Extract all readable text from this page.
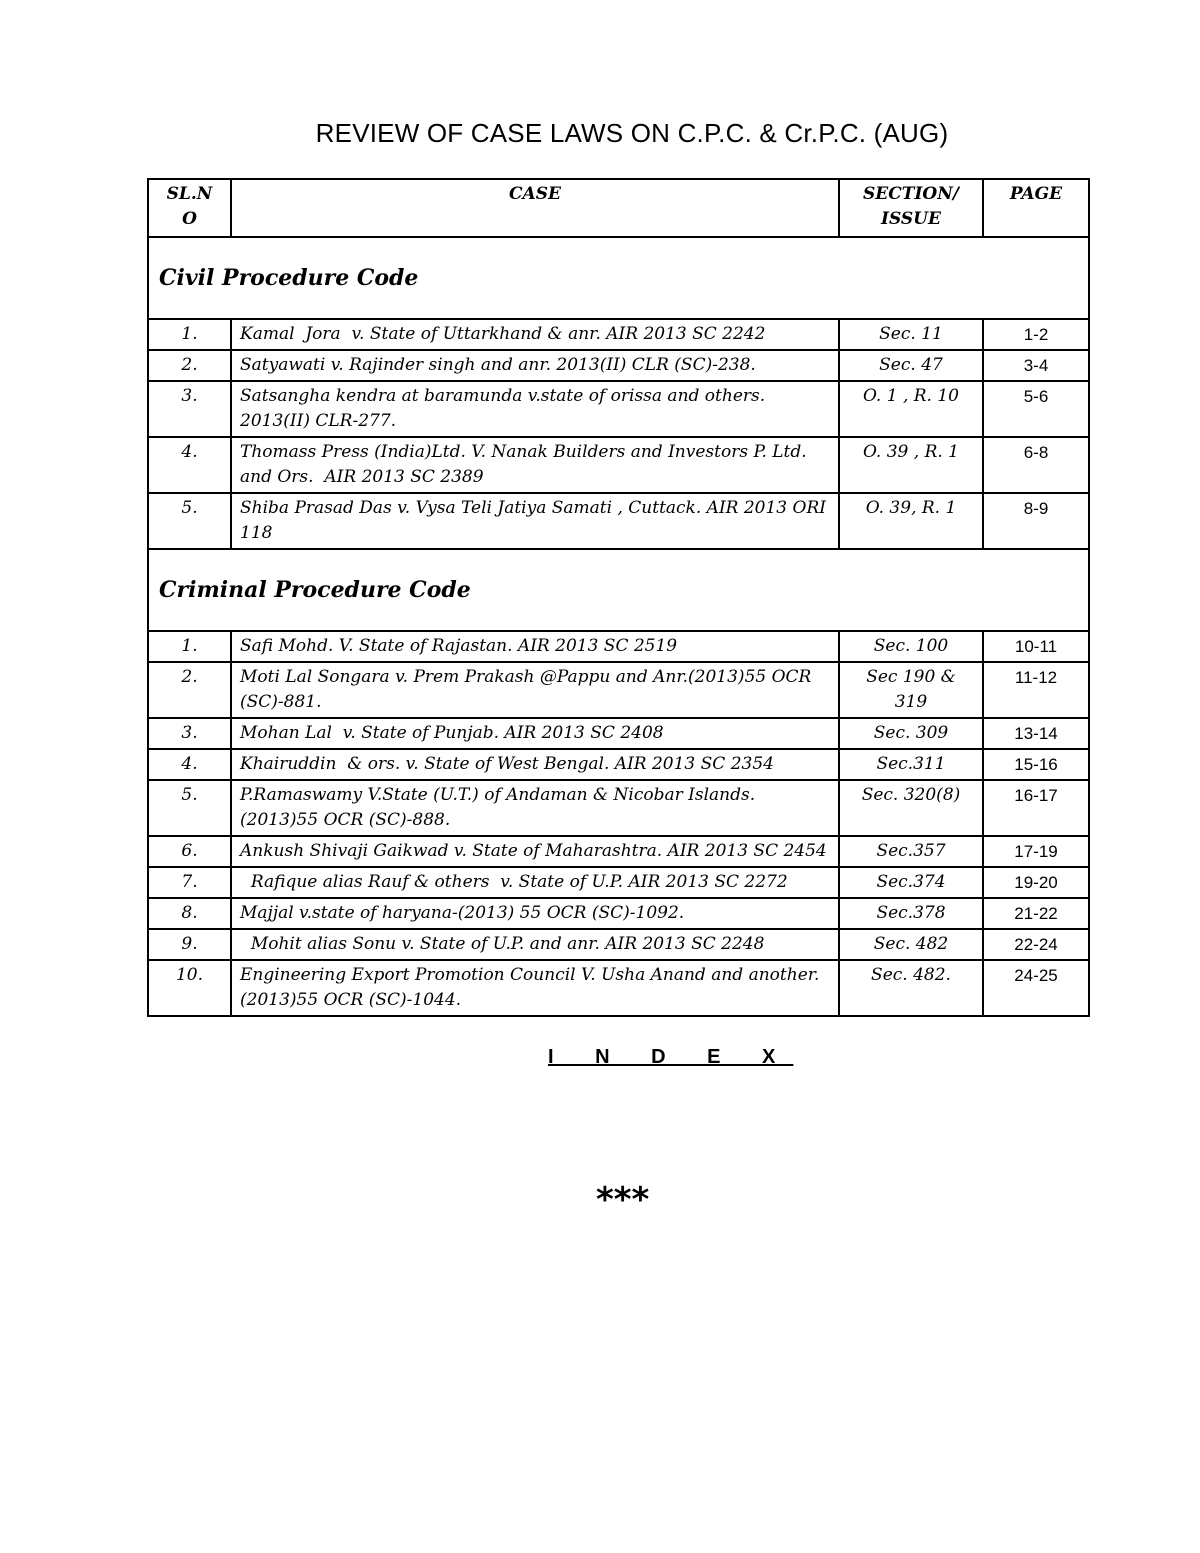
REVIEW OF CASE LAWS ON C.P.C. & Cr.P.C. (AUG)
SL.N O	CASE	SECTION/ ISSUE	PAGE
Civil Procedure Code			
1.	Kamal  Jora  v. State of Uttarkhand & anr. AIR 2013 SC 2242	Sec. 11	1-2
2.	Satyawati v. Rajinder singh and anr. 2013(II) CLR (SC)-238.	Sec. 47	3-4
3.	Satsangha kendra at baramunda v.state of orissa and others. 2013(II) CLR-277.	O. 1 , R. 10	5-6
4.	Thomass Press (India)Ltd. V. Nanak Builders and Investors P. Ltd. and Ors.  AIR 2013 SC 2389	O. 39 , R. 1	6-8
5.	Shiba Prasad Das v. Vysa Teli Jatiya Samati , Cuttack. AIR 2013 ORI 118	O. 39, R. 1	8-9
Criminal Procedure Code			
1.	Safi Mohd. V. State of Rajastan. AIR 2013 SC 2519	Sec. 100	10-11
2.	Moti Lal Songara v. Prem Prakash @Pappu and Anr.(2013)55 OCR (SC)-881.	Sec 190 & 319	11-12
3.	Mohan Lal  v. State of Punjab. AIR 2013 SC 2408	Sec. 309	13-14
4.	Khairuddin  & ors. v. State of West Bengal. AIR 2013 SC 2354	Sec.311	15-16
5.	P.Ramaswamy V.State (U.T.) of Andaman & Nicobar Islands. (2013)55 OCR (SC)-888.	Sec. 320(8)	16-17
6.	Ankush Shivaji Gaikwad v. State of Maharashtra. AIR 2013 SC 2454	Sec.357	17-19
7.	Rafique alias Rauf & others  v. State of U.P. AIR 2013 SC 2272	Sec.374	19-20
8.	Majjal v.state of haryana-(2013) 55 OCR (SC)-1092.	Sec.378	21-22
9.	Mohit alias Sonu v. State of U.P. and anr. AIR 2013 SC 2248	Sec. 482	22-24
10.	Engineering Export Promotion Council V. Usha Anand and another. (2013)55 OCR (SC)-1044.	Sec. 482.	24-25
I N D E X
***
